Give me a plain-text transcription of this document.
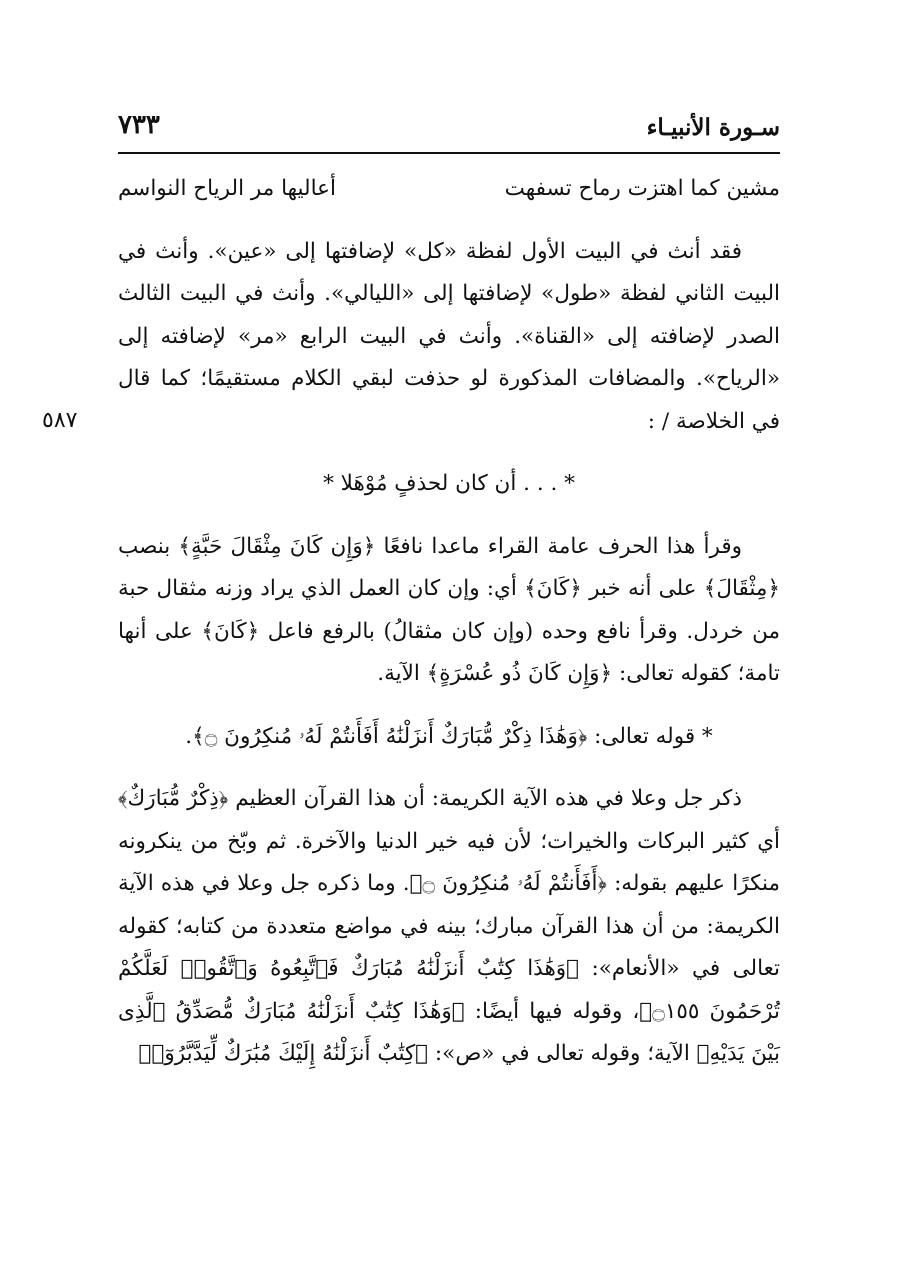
٧٣٣	سـورة الأنبيـاء
٥٨٧
مشين كما اهتزت رماح تسفهت
أعاليها مر الرياح النواسم

فقد أنث في البيت الأول لفظة «كل» لإضافتها إلى «عين». وأنث في البيت الثاني لفظة «طول» لإضافتها إلى «الليالي». وأنث في البيت الثالث الصدر لإضافته إلى «القناة». وأنث في البيت الرابع «مر» لإضافته إلى «الرياح». والمضافات المذكورة لو حذفت لبقي الكلام مستقيمًا؛ كما قال في الخلاصة / :

* . . . أن كان لحذفٍ مُوْهَلا *

وقرأ هذا الحرف عامة القراء ماعدا نافعًا ﴿وَإِن كَانَ مِثْقَالَ حَبَّةٍ﴾ بنصب ﴿مِثْقَالَ﴾ على أنه خبر ﴿كَانَ﴾ أي: وإن كان العمل الذي يراد وزنه مثقال حبة من خردل. وقرأ نافع وحده (وإن كان مثقالُ) بالرفع فاعل ﴿كَانَ﴾ على أنها تامة؛ كقوله تعالى: ﴿وَإِن كَانَ ذُو عُسْرَةٍ﴾ الآية.

* قوله تعالى: ﴿وَهَٰذَا ذِكْرٌ مُّبَارَكٌ أَنزَلْنَٰهُ أَفَأَنتُمْ لَهُۥ مُنكِرُونَ ۝﴾.

ذكر جل وعلا في هذه الآية الكريمة: أن هذا القرآن العظيم ﴿ذِكْرٌ مُّبَارَكٌ﴾ أي كثير البركات والخيرات؛ لأن فيه خير الدنيا والآخرة. ثم وبّخ من ينكرونه منكرًا عليهم بقوله: ﴿أَفَأَنتُمْ لَهُۥ مُنكِرُونَ ۝﴾. وما ذكره جل وعلا في هذه الآية الكريمة: من أن هذا القرآن مبارك؛ بينه في مواضع متعددة من كتابه؛ كقوله تعالى في «الأنعام»: ﴿وَهَٰذَا كِتَٰبٌ أَنزَلْنَٰهُ مُبَارَكٌ فَٱتَّبِعُوهُ وَٱتَّقُوا۟ لَعَلَّكُمْ تُرْحَمُونَ ۝١٥٥﴾، وقوله فيها أيضًا: ﴿وَهَٰذَا كِتَٰبٌ أَنزَلْنَٰهُ مُبَارَكٌ مُّصَدِّقُ ٱلَّذِى بَيْنَ يَدَيْهِ﴾ الآية؛ وقوله تعالى في «ص»: ﴿كِتَٰبٌ أَنزَلْنَٰهُ إِلَيْكَ مُبَٰرَكٌ لِّيَدَّبَّرُوٓا۟
